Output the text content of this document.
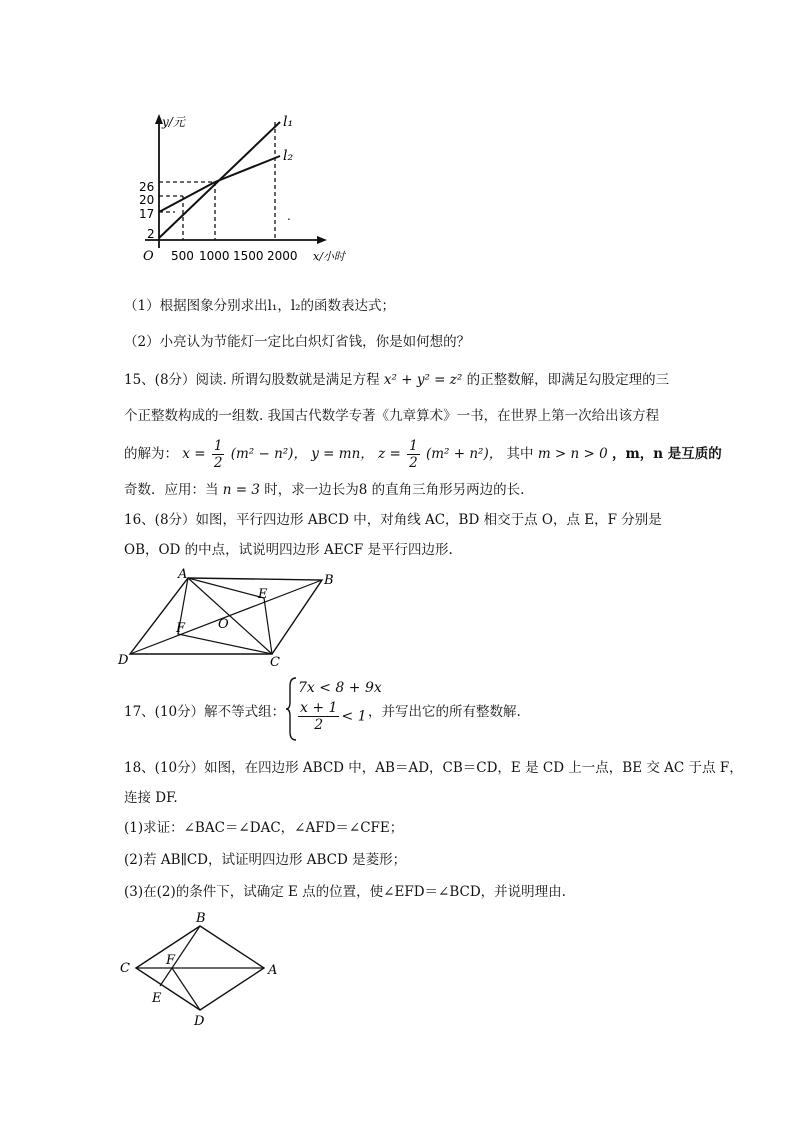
y/元
x/小时
O
26
20
17
2
500 1000 1500 2000
l₁
l₂
.
（1）根据图象分别求出l₁，l₂的函数表达式；
（2）小亮认为节能灯一定比白炽灯省钱，你是如何想的？
15、(8分）阅读. 所谓勾股数就是满足方程 x² + y² = z² 的正整数解，即满足勾股定理的三
个正整数构成的一组数. 我国古代数学专著《九章算术》一书，在世界上第一次给出该方程
的解为： $x = \frac{1}{2} (m^2 - n^2)$， y = mn， $z = \frac{1}{2} (m^2 + n^2)$， 其中 m > n > 0 ，m，n 是互质的
奇数．应用：当 n = 3 时，求一边长为8 的直角三角形另两边的长.
16、(8分）如图，平行四边形 ABCD 中，对角线 AC，BD 相交于点 O，点 E，F 分别是
OB，OD 的中点，试说明四边形 AECF 是平行四边形.
A	B
C
D
E
F	O
17、(10分）解不等式组：
7x < 8 + 9x
$\frac{x + 1}{2} < 1$ ，并写出它的所有整数解.
18、(10分）如图，在四边形 ABCD 中，AB＝AD，CB＝CD，E 是 CD 上一点，BE 交 AC 于点 F，
连接 DF.
(1)求证：∠BAC＝∠DAC，∠AFD＝∠CFE；
(2)若 AB∥CD，试证明四边形 ABCD 是菱形；
(3)在(2)的条件下，试确定 E 点的位置，使∠EFD＝∠BCD，并说明理由.
B
C	A
D
F
E
